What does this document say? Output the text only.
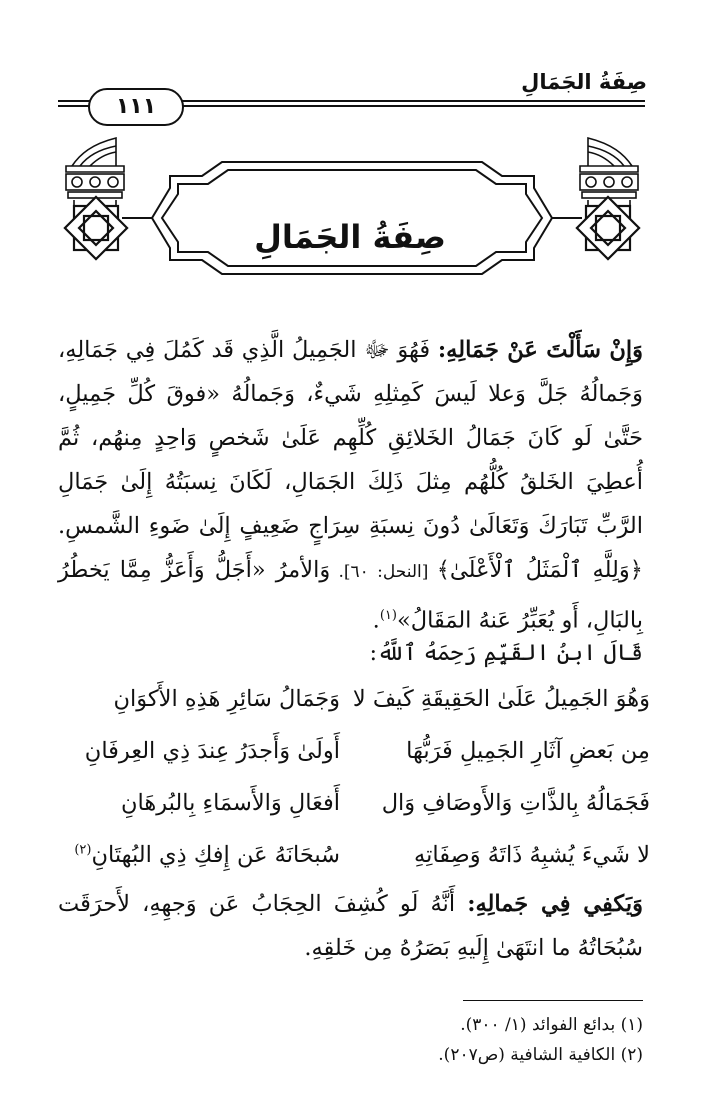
صِفَةُ الجَمَالِ
١١١
صِفَةُ الجَمَالِ
وَإِنْ سَأَلْتَ عَنْ جَمَالِهِ: فَهُوَ ﷻ الجَمِيلُ الَّذِي قَد كَمُلَ فِي جَمَالِهِ، وَجَمالُهُ جَلَّ وَعلا لَيسَ كَمِثلِهِ شَيءٌ، وَجَمالُهُ «فوقَ كُلِّ جَمِيلٍ، حَتَّىٰ لَو كَانَ جَمَالُ الخَلائِقِ كُلِّهِم عَلَىٰ شَخصٍ وَاحِدٍ مِنهُم، ثُمَّ أُعطِيَ الخَلقُ كُلُّهُم مِثلَ ذَلِكَ الجَمَالِ، لَكَانَ نِسبَتُهُ إِلَىٰ جَمَالِ الرَّبِّ تَبَارَكَ وَتَعَالَىٰ دُونَ نِسبَةِ سِرَاجٍ ضَعِيفٍ إِلَىٰ ضَوءِ الشَّمسِ. ﴿وَلِلَّهِ ٱلْمَثَلُ ٱلْأَعْلَىٰ﴾ [النحل: ٦٠]. وَالأمرُ «أَجَلُّ وَأَعَزُّ مِمَّا يَخطُرُ بِالبَالِ، أَو يُعَبِّرُ عَنهُ المَقَالُ»$^{(١)}$.
قَالَ ابنُ القَيِّمِ رَحِمَهُ ٱللَّهُ:
وَهُوَ الجَمِيلُ عَلَىٰ الحَقِيقَةِ كَيفَ لا
وَجَمَالُ سَائِرِ هَذِهِ الأَكوَانِ
مِن بَعضِ آثَارِ الجَمِيلِ فَرَبُّهَا
أَولَىٰ وَأَجدَرُ عِندَ ذِي العِرفَانِ
فَجَمَالُهُ بِالذَّاتِ وَالأَوصَافِ وَال
أَفعَالِ وَالأَسمَاءِ بِالبُرهَانِ
لا شَيءَ يُشبِهُ ذَاتَهُ وَصِفَاتِهِ
سُبحَانَهُ عَن إِفكِ ذِي البُهتَانِ$^{(٢)}$
وَيَكفِي فِي جَمالِهِ: أَنَّهُ لَو كُشِفَ الحِجَابُ عَن وَجهِهِ، لأَحرَقَت سُبُحَاتُهُ ما انتَهَىٰ إِلَيهِ بَصَرُهُ مِن خَلقِهِ.
(١) بدائع الفوائد (١/ ٣٠٠).
(٢) الكافية الشافية (ص٢٠٧).
